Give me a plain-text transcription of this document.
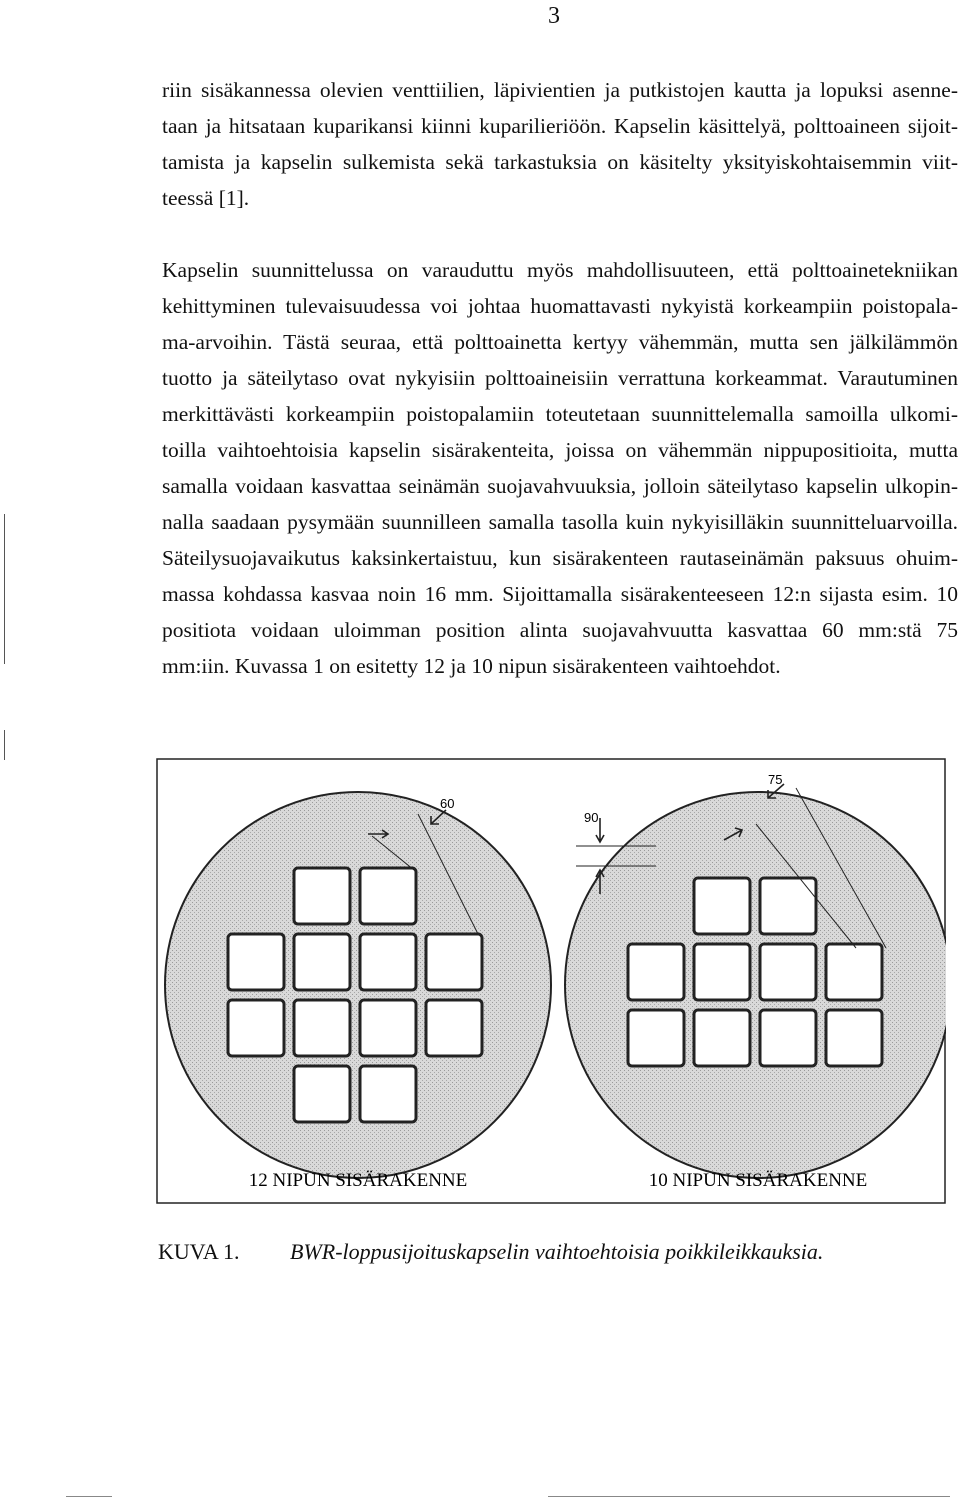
3
riin sisäkannessa olevien venttiilien, läpivientien ja putkistojen kautta ja lopuksi asenne-
taan ja hitsataan kuparikansi kiinni kuparilieriöön. Kapselin käsittelyä, polttoaineen sijoit-
tamista ja kapselin sulkemista sekä tarkastuksia on käsitelty yksityiskohtaisemmin viit-
teessä [1].
Kapselin suunnittelussa on varauduttu myös mahdollisuuteen, että polttoainetekniikan
kehittyminen tulevaisuudessa voi johtaa huomattavasti nykyistä korkeampiin poistopala-
ma-arvoihin. Tästä seuraa, että polttoainetta kertyy vähemmän, mutta sen jälkilämmön
tuotto ja säteilytaso ovat nykyisiin polttoaineisiin verrattuna korkeammat. Varautuminen
merkittävästi korkeampiin poistopalamiin toteutetaan suunnittelemalla samoilla ulkomi-
toilla vaihtoehtoisia kapselin sisärakenteita, joissa on vähemmän nippupositioita, mutta
samalla voidaan kasvattaa seinämän suojavahvuuksia, jolloin säteilytaso kapselin ulkopin-
nalla saadaan pysymään suunnilleen samalla tasolla kuin nykyisilläkin suunnitteluarvoilla.
Säteilysuojavaikutus kaksinkertaistuu, kun sisärakenteen rautaseinämän paksuus ohuim-
massa kohdassa kasvaa noin 16 mm. Sijoittamalla sisärakenteeseen 12:n sijasta esim. 10
positiota voidaan uloimman position alinta suojavahvuutta kasvattaa 60 mm:stä 75
mm:iin. Kuvassa 1 on esitetty 12 ja 10 nipun sisärakenteen vaihtoehdot.
60
12 NIPUN SISÄRAKENNE
90
75
10 NIPUN SISÄRAKENNE
KUVA 1. BWR-loppusijoituskapselin vaihtoehtoisia poikkileikkauksia.
